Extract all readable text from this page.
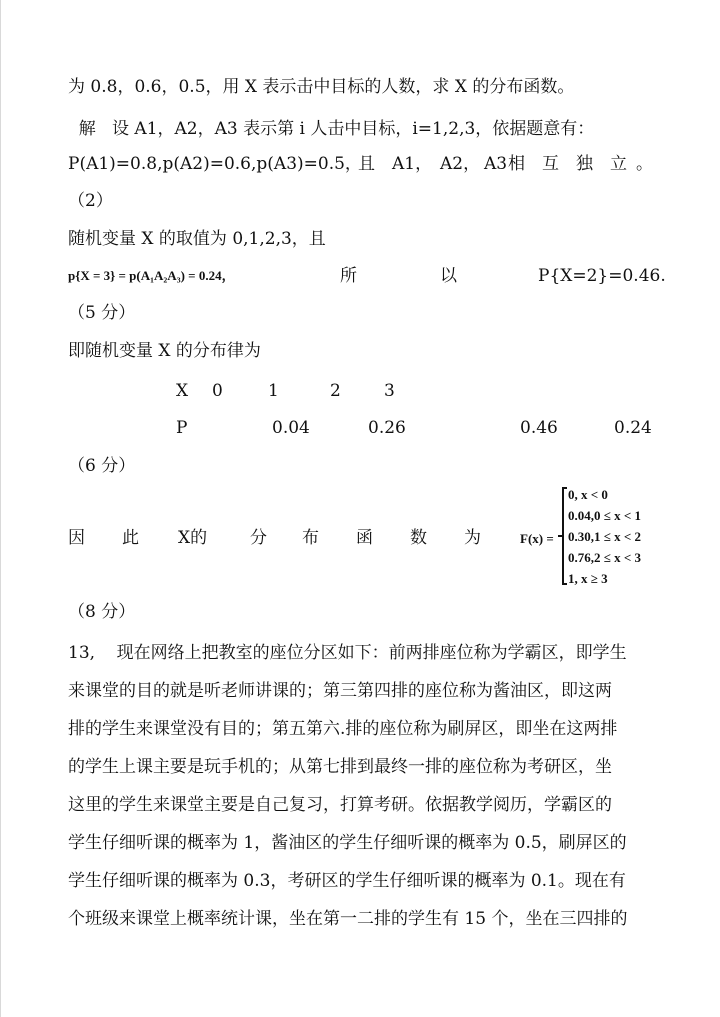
为 0.8，0.6，0.5，用 X 表示击中目标的人数，求 X 的分布函数。
解   设 A1，A2，A3 表示第 i 人击中目标，i=1,2,3，依据题意有：
P(A1)=0.8,p(A2)=0.6,p(A3)=0.5，
且 A1， A2， A3 相 互 独 立 。
（2）
随机变量 X 的取值为 0,1,2,3，且
p{X = 3} = p(A₁A₂A₃) = 0.24，	所	以	P{X=2}=0.46.
（5 分）
即随机变量 X 的分布律为
X 0	1	2	3
P	0.04	0.26	0.46	0.24
（6 分）
因 此 X的	分 布 函 数 为	F(x) =
0, x < 0
0.04,0 ≤ x < 1
0.30,1 ≤ x < 2
0.76,2 ≤ x < 3
1, x ≥ 3
（8 分）
13,    现在网络上把教室的座位分区如下：前两排座位称为学霸区，即学生
来课堂的目的就是听老师讲课的；第三第四排的座位称为酱油区，即这两
排的学生来课堂没有目的；第五第六.排的座位称为刷屏区，即坐在这两排
的学生上课主要是玩手机的；从第七排到最终一排的座位称为考研区，坐
这里的学生来课堂主要是自己复习，打算考研。依据教学阅历，学霸区的
学生仔细听课的概率为 1，酱油区的学生仔细听课的概率为 0.5，刷屏区的
学生仔细听课的概率为 0.3，考研区的学生仔细听课的概率为 0.1。现在有
个班级来课堂上概率统计课，坐在第一二排的学生有 15 个，坐在三四排的
